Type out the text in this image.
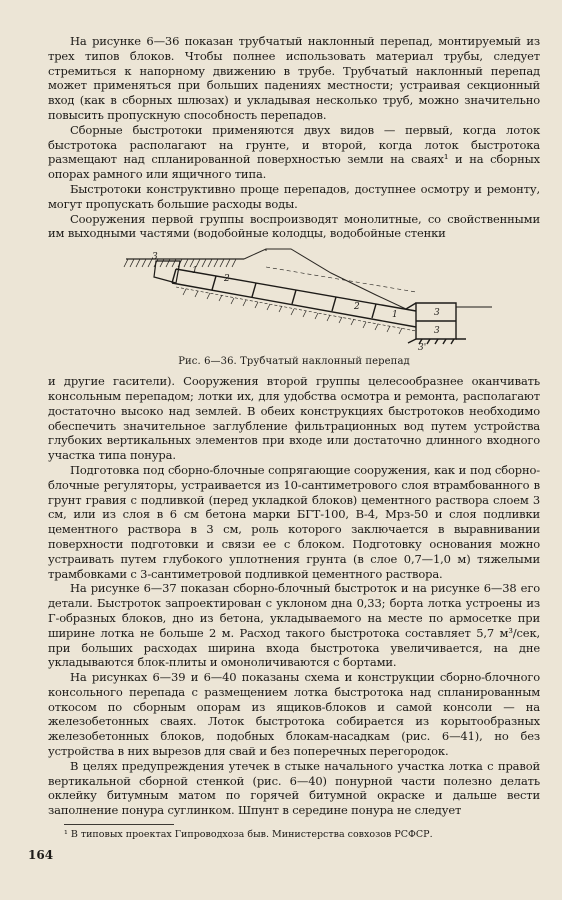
На рисунке 6—36 показан трубчатый наклонный перепад, монтируемый из трех типов блоков. Чтобы полнее использовать материал трубы, следует стремиться к напорному движению в трубе. Трубчатый наклонный перепад может применяться при больших падениях местности; устраивая секционный вход (как в сборных шлюзах) и укладывая несколько труб, можно значительно повысить пропускную способность перепадов.

Сборные быстротоки применяются двух видов — первый, когда лоток быстротока располагают на грунте, и второй, когда лоток быстротока размещают над спланированной поверхностью земли на сваях¹ и на сборных опорах рамного или ящичного типа.

Быстротоки конструктивно проще перепадов, доступнее осмотру и ремонту, могут пропускать большие расходы воды.

Сооружения первой группы воспроизводят монолитные, со свойственными им выходными частями (водобойные колодцы, водобойные стенки

3
1
2
2
1	3
3
3'

Рис. 6—36. Трубчатый наклонный перепад

и другие гасители). Сооружения второй группы целесообразнее оканчивать консольным перепадом; лотки их, для удобства осмотра и ремонта, располагают достаточно высоко над землей. В обеих конструкциях быстротоков необходимо обеспечить значительное заглубление фильтрационных вод путем устройства глубоких вертикальных элементов при входе или достаточно длинного входного участка типа понура.

Подготовка под сборно-блочные сопрягающие сооружения, как и под сборно-блочные регуляторы, устраивается из 10-сантиметрового слоя втрамбованного в грунт гравия с подливкой (перед укладкой блоков) цементного раствора слоем 3 см, или из слоя в 6 см бетона марки БГТ-100, В-4, Мрз-50 и слоя подливки цементного раствора в 3 см, роль которого заключается в выравнивании поверхности подготовки и связи ее с блоком. Подготовку основания можно устраивать путем глубокого уплотнения грунта (в слое 0,7—1,0 м) тяжелыми трамбовками с 3-сантиметровой подливкой цементного раствора.

На рисунке 6—37 показан сборно-блочный быстроток и на рисунке 6—38 его детали. Быстроток запроектирован с уклоном дна 0,33; борта лотка устроены из Г-образных блоков, дно из бетона, укладываемого на месте по армосетке при ширине лотка не больше 2 м. Расход такого быстротока составляет 5,7 м³/сек, при больших расходах ширина входа быстротока увеличивается, на дне укладываются блок-плиты и омоноличиваются с бортами.

На рисунках 6—39 и 6—40 показаны схема и конструкции сборно-блочного консольного перепада с размещением лотка быстротока над спланированным откосом по сборным опорам из ящиков-блоков и самой консоли — на железобетонных сваях. Лоток быстротока собирается из корытообразных железобетонных блоков, подобных блокам-насадкам (рис. 6—41), но без устройства в них вырезов для свай и без поперечных перегородок.

В целях предупреждения утечек в стыке начального участка лотка с правой вертикальной сборной стенкой (рис. 6—40) понурной части полезно делать оклейку битумным матом по горячей битумной окраске и дальше вести заполнение понура суглинком. Шпунт в середине понура не следует

¹ В типовых проектах Гипроводхоза быв. Министерства совхозов РСФСР.

164
